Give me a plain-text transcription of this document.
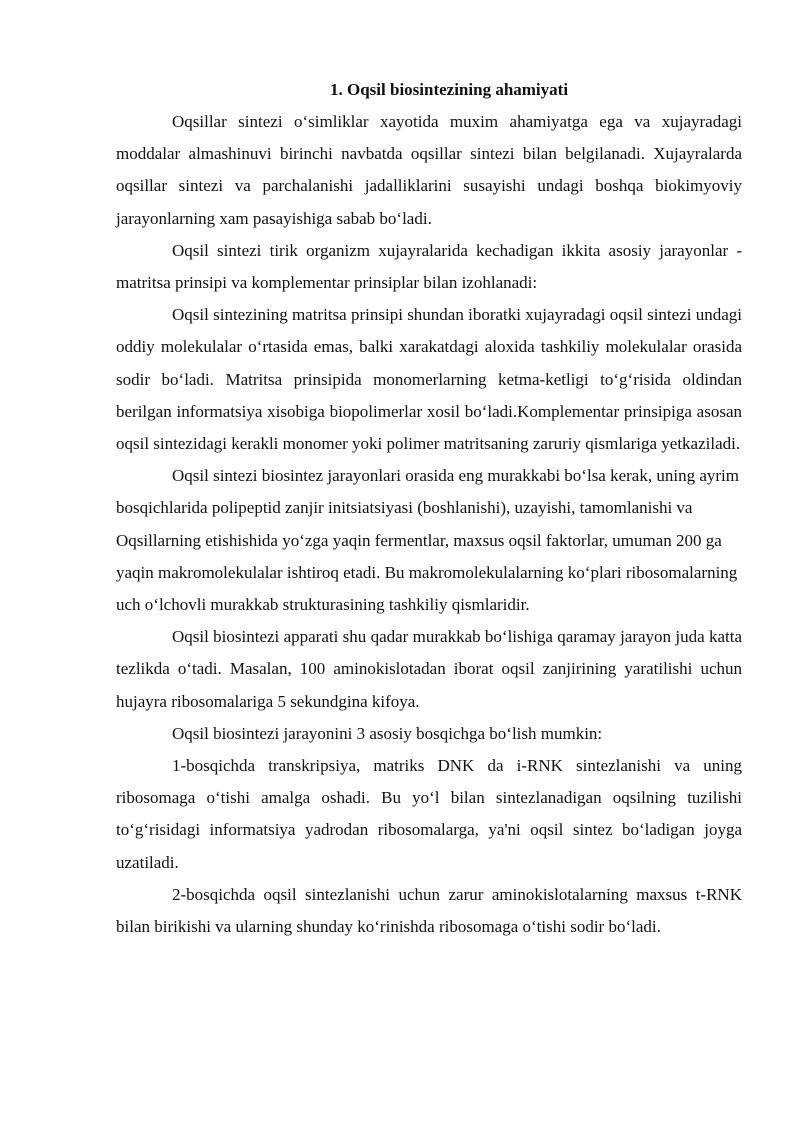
1. Oqsil biosintezining ahamiyati

Oqsillar sintezi o‘simliklar xayotida muxim ahamiyatga ega va xujayradagi moddalar almashinuvi birinchi navbatda oqsillar sintezi bilan belgilanadi. Xujayralarda oqsillar sintezi va parchalanishi jadalliklarini susayishi undagi boshqa biokimyoviy jarayonlarning xam pasayishiga sabab bo‘ladi.

Oqsil sintezi tirik organizm xujayralarida kechadigan ikkita asosiy jarayonlar - matritsa prinsipi va komplementar prinsiplar bilan izohlanadi:

Oqsil sintezining matritsa prinsipi shundan iboratki xujayradagi oqsil sintezi undagi oddiy molekulalar o‘rtasida emas, balki xarakatdagi aloxida tashkiliy molekulalar orasida sodir bo‘ladi. Matritsa prinsipida monomerlarning ketma-ketligi to‘g‘risida oldindan berilgan informatsiya xisobiga biopolimerlar xosil bo‘ladi.Komplementar prinsipiga asosan oqsil sintezidagi kerakli monomer yoki polimer matritsaning zaruriy qismlariga yetkaziladi.

Oqsil sintezi biosintez jarayonlari orasida eng murakkabi bo‘lsa kerak, uning ayrim bosqichlarida polipeptid zanjir initsiatsiyasi (boshlanishi), uzayishi, tamomlanishi va Oqsillarning etishishida yo‘zga yaqin fermentlar, maxsus oqsil faktorlar, umuman 200 ga yaqin makromolekulalar ishtiroq etadi. Bu makromolekulalarning ko‘plari ribosomalarning uch o‘lchovli murakkab strukturasining tashkiliy qismlaridir.

Oqsil biosintezi apparati shu qadar murakkab bo‘lishiga qaramay jarayon juda katta tezlikda o‘tadi. Masalan, 100 aminokislotadan iborat oqsil zanjirining yaratilishi uchun hujayra ribosomalariga 5 sekundgina kifoya.

Oqsil biosintezi jarayonini 3 asosiy bosqichga bo‘lish mumkin:

1-bosqichda transkripsiya, matriks DNK da i-RNK sintezlanishi va uning ribosomaga o‘tishi amalga oshadi. Bu yo‘l bilan sintezlanadigan oqsilning tuzilishi to‘g‘risidagi informatsiya yadrodan ribosomalarga, ya'ni oqsil sintez bo‘ladigan joyga uzatiladi.

2-bosqichda oqsil sintezlanishi uchun zarur aminokislotalarning maxsus t-RNK bilan birikishi va ularning shunday ko‘rinishda ribosomaga o‘tishi sodir bo‘ladi.
